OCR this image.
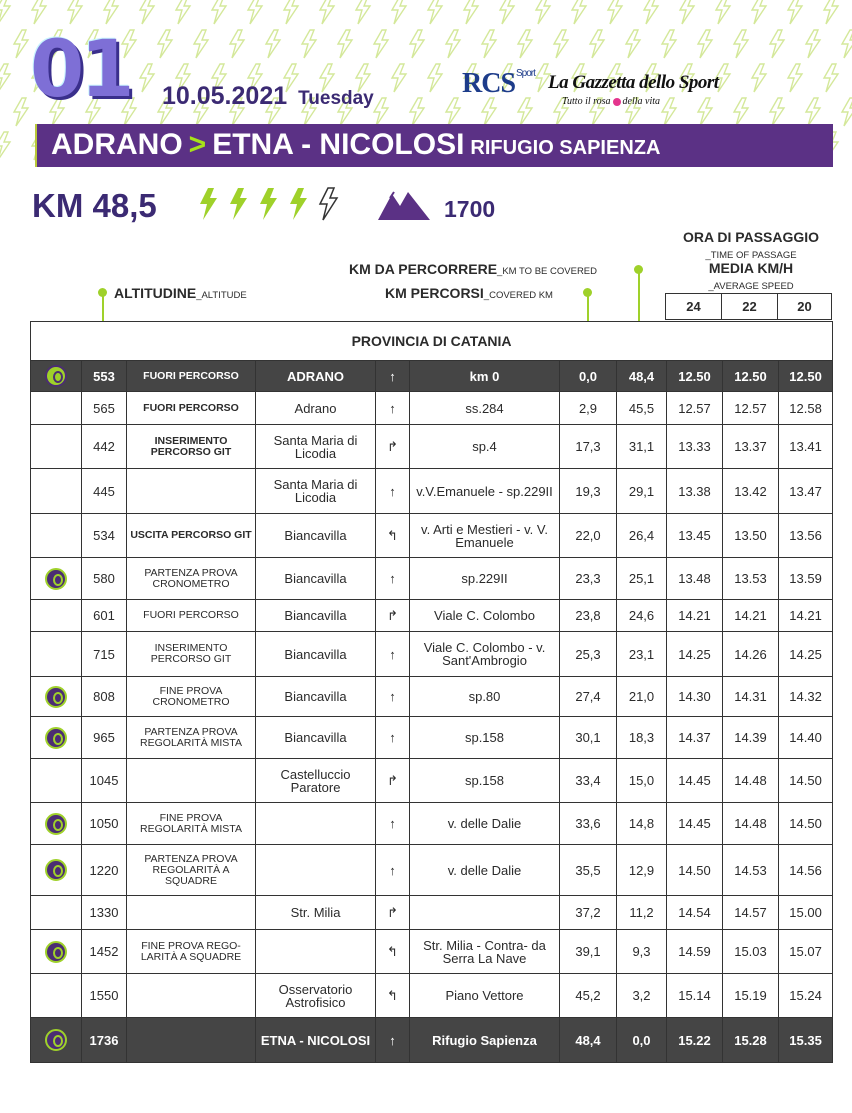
01 10.05.2021 Tuesday	$RCS^{Sport}$ La Gazzetta dello Sport
Tutto il rosa della vita
ADRANO > ETNA - NICOLOSI RIFUGIO SAPIENZA
KM 48,5	1700
ALTITUDINE_ALTITUDE
KM DA PERCORRERE_KM TO BE COVERED
KM PERCORSI_COVERED KM
ORA DI PASSAGGIO
_TIME OF PASSAGE
MEDIA KM/H
_AVERAGE SPEED
24	22	20
PROVINCIA DI CATANIA										
	553	FUORI PERCORSO	ADRANO	↑	km 0	0,0	48,4	12.50	12.50	12.50
	565	FUORI PERCORSO	Adrano	↑	ss.284	2,9	45,5	12.57	12.57	12.58
	442	INSERIMENTO PERCORSO GIT	Santa Maria di Licodia	↱	sp.4	17,3	31,1	13.33	13.37	13.41
	445		Santa Maria di Licodia	↑	v.V.Emanuele - sp.229II	19,3	29,1	13.38	13.42	13.47
	534	USCITA PERCORSO GIT	Biancavilla	↰	v. Arti e Mestieri - v. V. Emanuele	22,0	26,4	13.45	13.50	13.56
	580	PARTENZA PROVA CRONOMETRO	Biancavilla	↑	sp.229II	23,3	25,1	13.48	13.53	13.59
	601	FUORI PERCORSO	Biancavilla	↱	Viale C. Colombo	23,8	24,6	14.21	14.21	14.21
	715	INSERIMENTO PERCORSO GIT	Biancavilla	↑	Viale C. Colombo - v. Sant'Ambrogio	25,3	23,1	14.25	14.26	14.25
	808	FINE PROVA CRONOMETRO	Biancavilla	↑	sp.80	27,4	21,0	14.30	14.31	14.32
	965	PARTENZA PROVA REGOLARITÀ MISTA	Biancavilla	↑	sp.158	30,1	18,3	14.37	14.39	14.40
	1045		Castelluccio Paratore	↱	sp.158	33,4	15,0	14.45	14.48	14.50
	1050	FINE PROVA REGOLARITÀ MISTA		↑	v. delle Dalie	33,6	14,8	14.45	14.48	14.50
	1220	PARTENZA PROVA REGOLARITÀ A SQUADRE		↑	v. delle Dalie	35,5	12,9	14.50	14.53	14.56
	1330		Str. Milia	↱		37,2	11,2	14.54	14.57	15.00
	1452	FINE PROVA REGO- LARITÀ A SQUADRE		↰	Str. Milia - Contra- da Serra La Nave	39,1	9,3	14.59	15.03	15.07
	1550		Osservatorio Astrofisico	↰	Piano Vettore	45,2	3,2	15.14	15.19	15.24
	1736		ETNA - NICOLOSI	↑	Rifugio Sapienza	48,4	0,0	15.22	15.28	15.35
